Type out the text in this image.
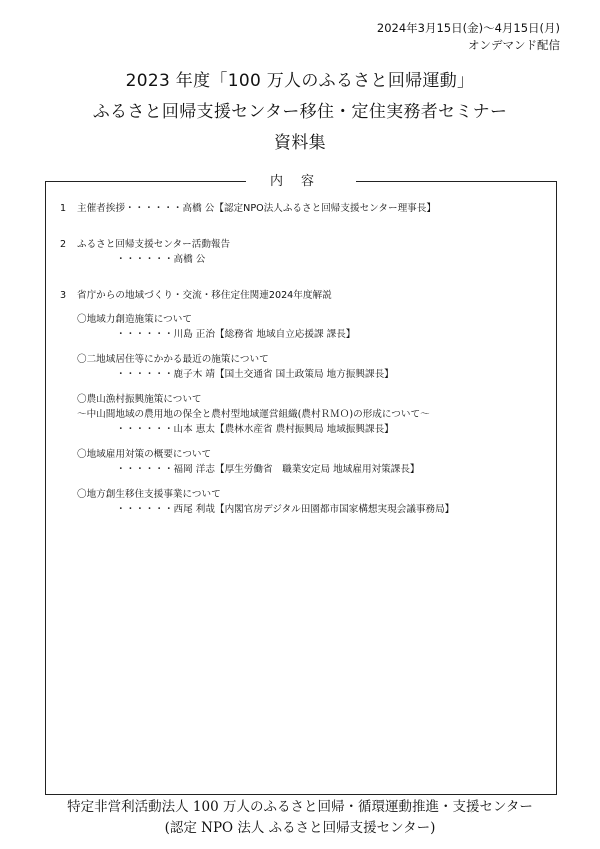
2024年3月15日(金)～4月15日(月)
オンデマンド配信
2023 年度「100 万人のふるさと回帰運動」
ふるさと回帰支援センター移住・定住実務者セミナー
資料集
内容
1	主催者挨拶・・・・・・高橋 公【認定NPO法人ふるさと回帰支援センター理事長】
2	ふるさと回帰支援センター活動報告
・・・・・・高橋 公
3	省庁からの地域づくり・交流・移住定住関連2024年度解説
〇地域力創造施策について
・・・・・・川島 正治【総務省 地域自立応援課 課長】
〇二地域居住等にかかる最近の施策について
・・・・・・鹿子木 靖【国土交通省 国土政策局 地方振興課長】
〇農山漁村振興施策について
～中山間地域の農用地の保全と農村型地域運営組織(農村ＲＭＯ)の形成について～
・・・・・・山本 恵太【農林水産省 農村振興局 地域振興課長】
〇地域雇用対策の概要について
・・・・・・福岡 洋志【厚生労働省　職業安定局 地域雇用対策課長】
〇地方創生移住支援事業について
・・・・・・西尾 利哉【内閣官房デジタル田園都市国家構想実現会議事務局】
特定非営利活動法人 100 万人のふるさと回帰・循環運動推進・支援センター
(認定 NPO 法人 ふるさと回帰支援センター)
